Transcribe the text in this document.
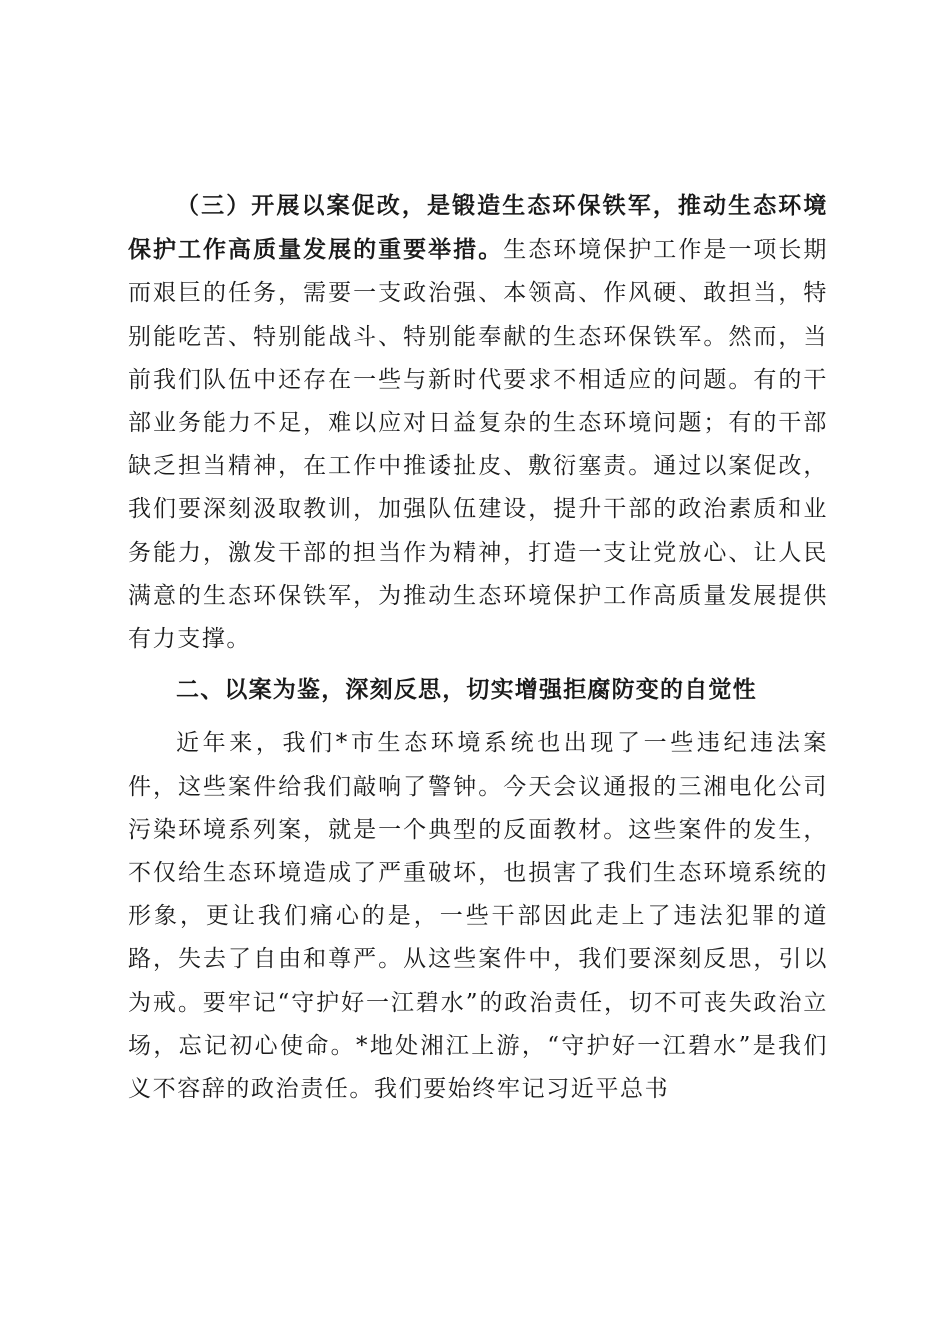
（三）开展以案促改，是锻造生态环保铁军，推动生态环境保护工作高质量发展的重要举措。生态环境保护工作是一项长期而艰巨的任务，需要一支政治强、本领高、作风硬、敢担当，特别能吃苦、特别能战斗、特别能奉献的生态环保铁军。然而，当前我们队伍中还存在一些与新时代要求不相适应的问题。有的干部业务能力不足，难以应对日益复杂的生态环境问题；有的干部缺乏担当精神，在工作中推诿扯皮、敷衍塞责。通过以案促改，我们要深刻汲取教训，加强队伍建设，提升干部的政治素质和业务能力，激发干部的担当作为精神，打造一支让党放心、让人民满意的生态环保铁军，为推动生态环境保护工作高质量发展提供有力支撑。

二、以案为鉴，深刻反思，切实增强拒腐防变的自觉性

近年来，我们*市生态环境系统也出现了一些违纪违法案件，这些案件给我们敲响了警钟。今天会议通报的三湘电化公司污染环境系列案，就是一个典型的反面教材。这些案件的发生，不仅给生态环境造成了严重破坏，也损害了我们生态环境系统的形象，更让我们痛心的是，一些干部因此走上了违法犯罪的道路，失去了自由和尊严。从这些案件中，我们要深刻反思，引以为戒。要牢记“守护好一江碧水”的政治责任，切不可丧失政治立场，忘记初心使命。*地处湘江上游，“守护好一江碧水”是我们义不容辞的政治责任。我们要始终牢记习近平总书
